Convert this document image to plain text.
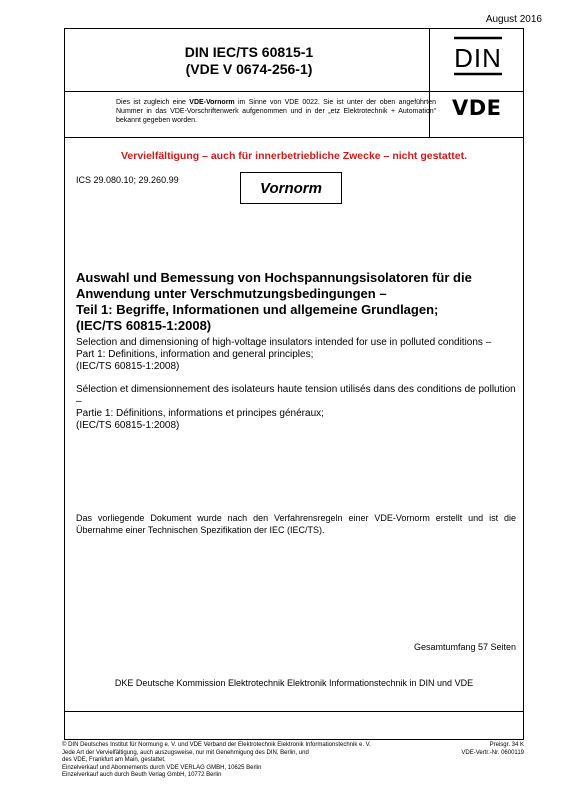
August 2016
DIN IEC/TS 60815-1
(VDE V 0674-256-1)	DIN
Dies ist zugleich eine VDE-Vornorm im Sinne von VDE 0022. Sie ist unter der oben angeführten Nummer in das VDE-Vorschriftenwerk aufgenommen und in der „etz Elektrotechnik + Automation“ bekannt gegeben worden.
VDE
Vervielfältigung – auch für innerbetriebliche Zwecke – nicht gestattet.
ICS 29.080.10; 29.260.99	Vornorm
Auswahl und Bemessung von Hochspannungsisolatoren für die Anwendung unter Verschmutzungsbedingungen –
Teil 1: Begriffe, Informationen und allgemeine Grundlagen;
(IEC/TS 60815-1:2008)
Selection and dimensioning of high-voltage insulators intended for use in polluted conditions –
Part 1: Definitions, information and general principles;
(IEC/TS 60815-1:2008)
Sélection et dimensionnement des isolateurs haute tension utilisés dans des conditions de pollution –
Partie 1: Définitions, informations et principes généraux;
(IEC/TS 60815-1:2008)
Das vorliegende Dokument wurde nach den Verfahrensregeln einer VDE-Vornorm erstellt und ist die Übernahme einer Technischen Spezifikation der IEC (IEC/TS).
Gesamtumfang 57 Seiten
DKE Deutsche Kommission Elektrotechnik Elektronik Informationstechnik in DIN und VDE
© DIN Deutsches Institut für Normung e. V. und VDE Verband der Elektrotechnik Elektronik Informationstechnik e. V.
Jede Art der Vervielfältigung, auch auszugsweise, nur mit Genehmigung des DIN, Berlin, und
des VDE, Frankfurt am Main, gestattet.
Einzelverkauf und Abonnements durch VDE VERLAG GMBH, 10625 Berlin
Einzelverkauf auch durch Beuth Verlag GmbH, 10772 Berlin
Preisgr. 34 K
VDE-Vertr.-Nr. 0600119
